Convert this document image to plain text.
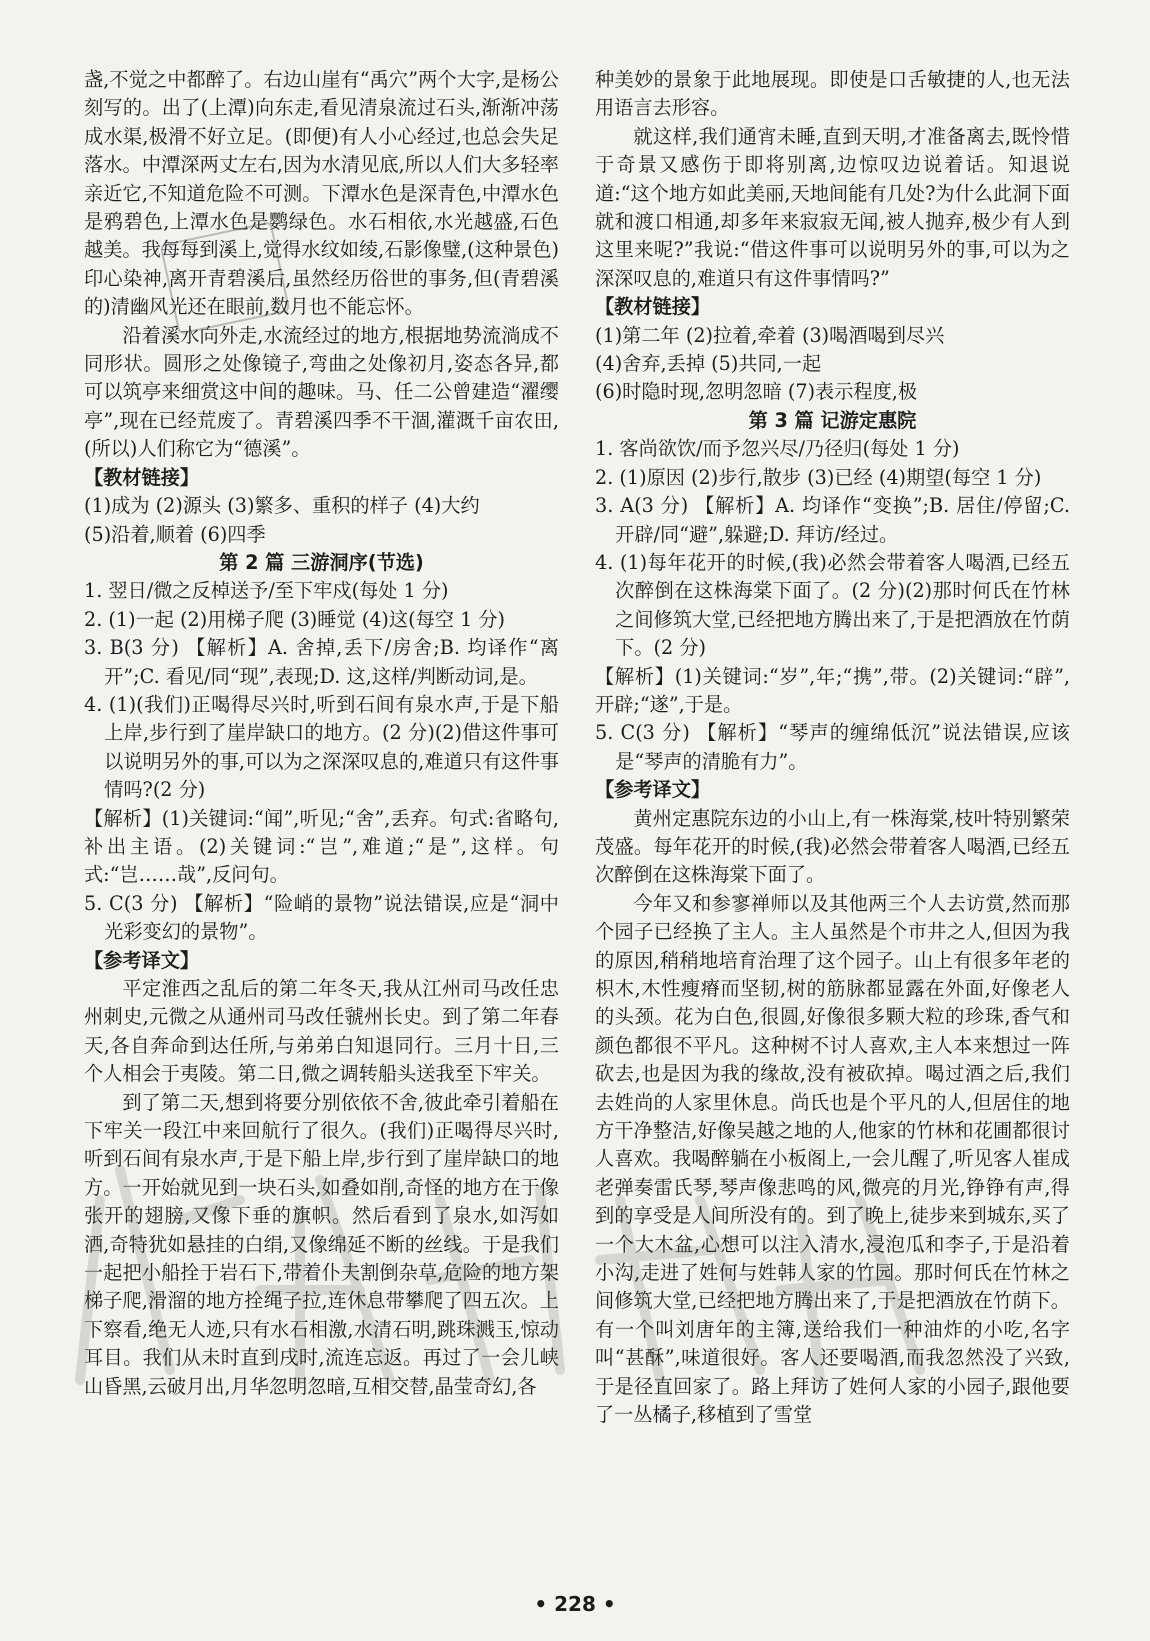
盏,不觉之中都醉了。右边山崖有“禹穴”两个大字,是杨公刻写的。出了(上潭)向东走,看见清泉流过石头,渐渐冲荡成水渠,极滑不好立足。(即便)有人小心经过,也总会失足落水。中潭深两丈左右,因为水清见底,所以人们大多轻率亲近它,不知道危险不可测。下潭水色是深青色,中潭水色是鸦碧色,上潭水色是鹦绿色。水石相依,水光越盛,石色越美。我每每到溪上,觉得水纹如绫,石影像璧,(这种景色)印心染神,离开青碧溪后,虽然经历俗世的事务,但(青碧溪的)清幽风光还在眼前,数月也不能忘怀。

沿着溪水向外走,水流经过的地方,根据地势流淌成不同形状。圆形之处像镜子,弯曲之处像初月,姿态各异,都可以筑亭来细赏这中间的趣味。马、任二公曾建造“濯缨亭”,现在已经荒废了。青碧溪四季不干涸,灌溉千亩农田,(所以)人们称它为“德溪”。

【教材链接】

(1)成为 (2)源头 (3)繁多、重积的样子 (4)大约

(5)沿着,顺着 (6)四季

第 2 篇 三游洞序(节选)

1. 翌日/微之反棹送予/至下牢戍(每处 1 分)

2. (1)一起 (2)用梯子爬 (3)睡觉 (4)这(每空 1 分)

3. B(3 分) 【解析】A. 舍掉,丢下/房舍;B. 均译作“离开”;C. 看见/同“现”,表现;D. 这,这样/判断动词,是。

4. (1)(我们)正喝得尽兴时,听到石间有泉水声,于是下船上岸,步行到了崖岸缺口的地方。(2 分)(2)借这件事可以说明另外的事,可以为之深深叹息的,难道只有这件事情吗?(2 分)

【解析】(1)关键词:“闻”,听见;“舍”,丢弃。句式:省略句,补出主语。(2)关键词:“岂”,难道;“是”,这样。句式:“岂……哉”,反问句。

5. C(3 分) 【解析】“险峭的景物”说法错误,应是“洞中光彩变幻的景物”。

【参考译文】

平定淮西之乱后的第二年冬天,我从江州司马改任忠州刺史,元微之从通州司马改任虢州长史。到了第二年春天,各自奔命到达任所,与弟弟白知退同行。三月十日,三个人相会于夷陵。第二日,微之调转船头送我至下牢关。

到了第二天,想到将要分别依依不舍,彼此牵引着船在下牢关一段江中来回航行了很久。(我们)正喝得尽兴时,听到石间有泉水声,于是下船上岸,步行到了崖岸缺口的地方。一开始就见到一块石头,如叠如削,奇怪的地方在于像张开的翅膀,又像下垂的旗帜。然后看到了泉水,如泻如洒,奇特犹如悬挂的白绢,又像绵延不断的丝线。于是我们一起把小船拴于岩石下,带着仆夫割倒杂草,危险的地方架梯子爬,滑溜的地方拴绳子拉,连休息带攀爬了四五次。上下察看,绝无人迹,只有水石相激,水清石明,跳珠溅玉,惊动耳目。我们从未时直到戌时,流连忘返。再过了一会儿峡山昏黑,云破月出,月华忽明忽暗,互相交替,晶莹奇幻,各

种美妙的景象于此地展现。即使是口舌敏捷的人,也无法用语言去形容。

就这样,我们通宵未睡,直到天明,才准备离去,既怜惜于奇景又感伤于即将别离,边惊叹边说着话。知退说道:“这个地方如此美丽,天地间能有几处?为什么此洞下面就和渡口相通,却多年来寂寂无闻,被人抛弃,极少有人到这里来呢?”我说:“借这件事可以说明另外的事,可以为之深深叹息的,难道只有这件事情吗?”

【教材链接】

(1)第二年 (2)拉着,牵着 (3)喝酒喝到尽兴

(4)舍弃,丢掉 (5)共同,一起

(6)时隐时现,忽明忽暗 (7)表示程度,极

第 3 篇 记游定惠院

1. 客尚欲饮/而予忽兴尽/乃径归(每处 1 分)

2. (1)原因 (2)步行,散步 (3)已经 (4)期望(每空 1 分)

3. A(3 分) 【解析】A. 均译作“变换”;B. 居住/停留;C. 开辟/同“避”,躲避;D. 拜访/经过。

4. (1)每年花开的时候,(我)必然会带着客人喝酒,已经五次醉倒在这株海棠下面了。(2 分)(2)那时何氏在竹林之间修筑大堂,已经把地方腾出来了,于是把酒放在竹荫下。(2 分)

【解析】(1)关键词:“岁”,年;“携”,带。(2)关键词:“辟”,开辟;“遂”,于是。

5. C(3 分) 【解析】“琴声的缠绵低沉”说法错误,应该是“琴声的清脆有力”。

【参考译文】

黄州定惠院东边的小山上,有一株海棠,枝叶特别繁荣茂盛。每年花开的时候,(我)必然会带着客人喝酒,已经五次醉倒在这株海棠下面了。

今年又和参寥禅师以及其他两三个人去访赏,然而那个园子已经换了主人。主人虽然是个市井之人,但因为我的原因,稍稍地培育治理了这个园子。山上有很多年老的枳木,木性瘦瘠而坚韧,树的筋脉都显露在外面,好像老人的头颈。花为白色,很圆,好像很多颗大粒的珍珠,香气和颜色都很不平凡。这种树不讨人喜欢,主人本来想过一阵砍去,也是因为我的缘故,没有被砍掉。喝过酒之后,我们去姓尚的人家里休息。尚氏也是个平凡的人,但居住的地方干净整洁,好像吴越之地的人,他家的竹林和花圃都很讨人喜欢。我喝醉躺在小板阁上,一会儿醒了,听见客人崔成老弹奏雷氏琴,琴声像悲鸣的风,微亮的月光,铮铮有声,得到的享受是人间所没有的。到了晚上,徒步来到城东,买了一个大木盆,心想可以注入清水,浸泡瓜和李子,于是沿着小沟,走进了姓何与姓韩人家的竹园。那时何氏在竹林之间修筑大堂,已经把地方腾出来了,于是把酒放在竹荫下。有一个叫刘唐年的主簿,送给我们一种油炸的小吃,名字叫“甚酥”,味道很好。客人还要喝酒,而我忽然没了兴致,于是径直回家了。路上拜访了姓何人家的小园子,跟他要了一丛橘子,移植到了雪堂

• 228 •
